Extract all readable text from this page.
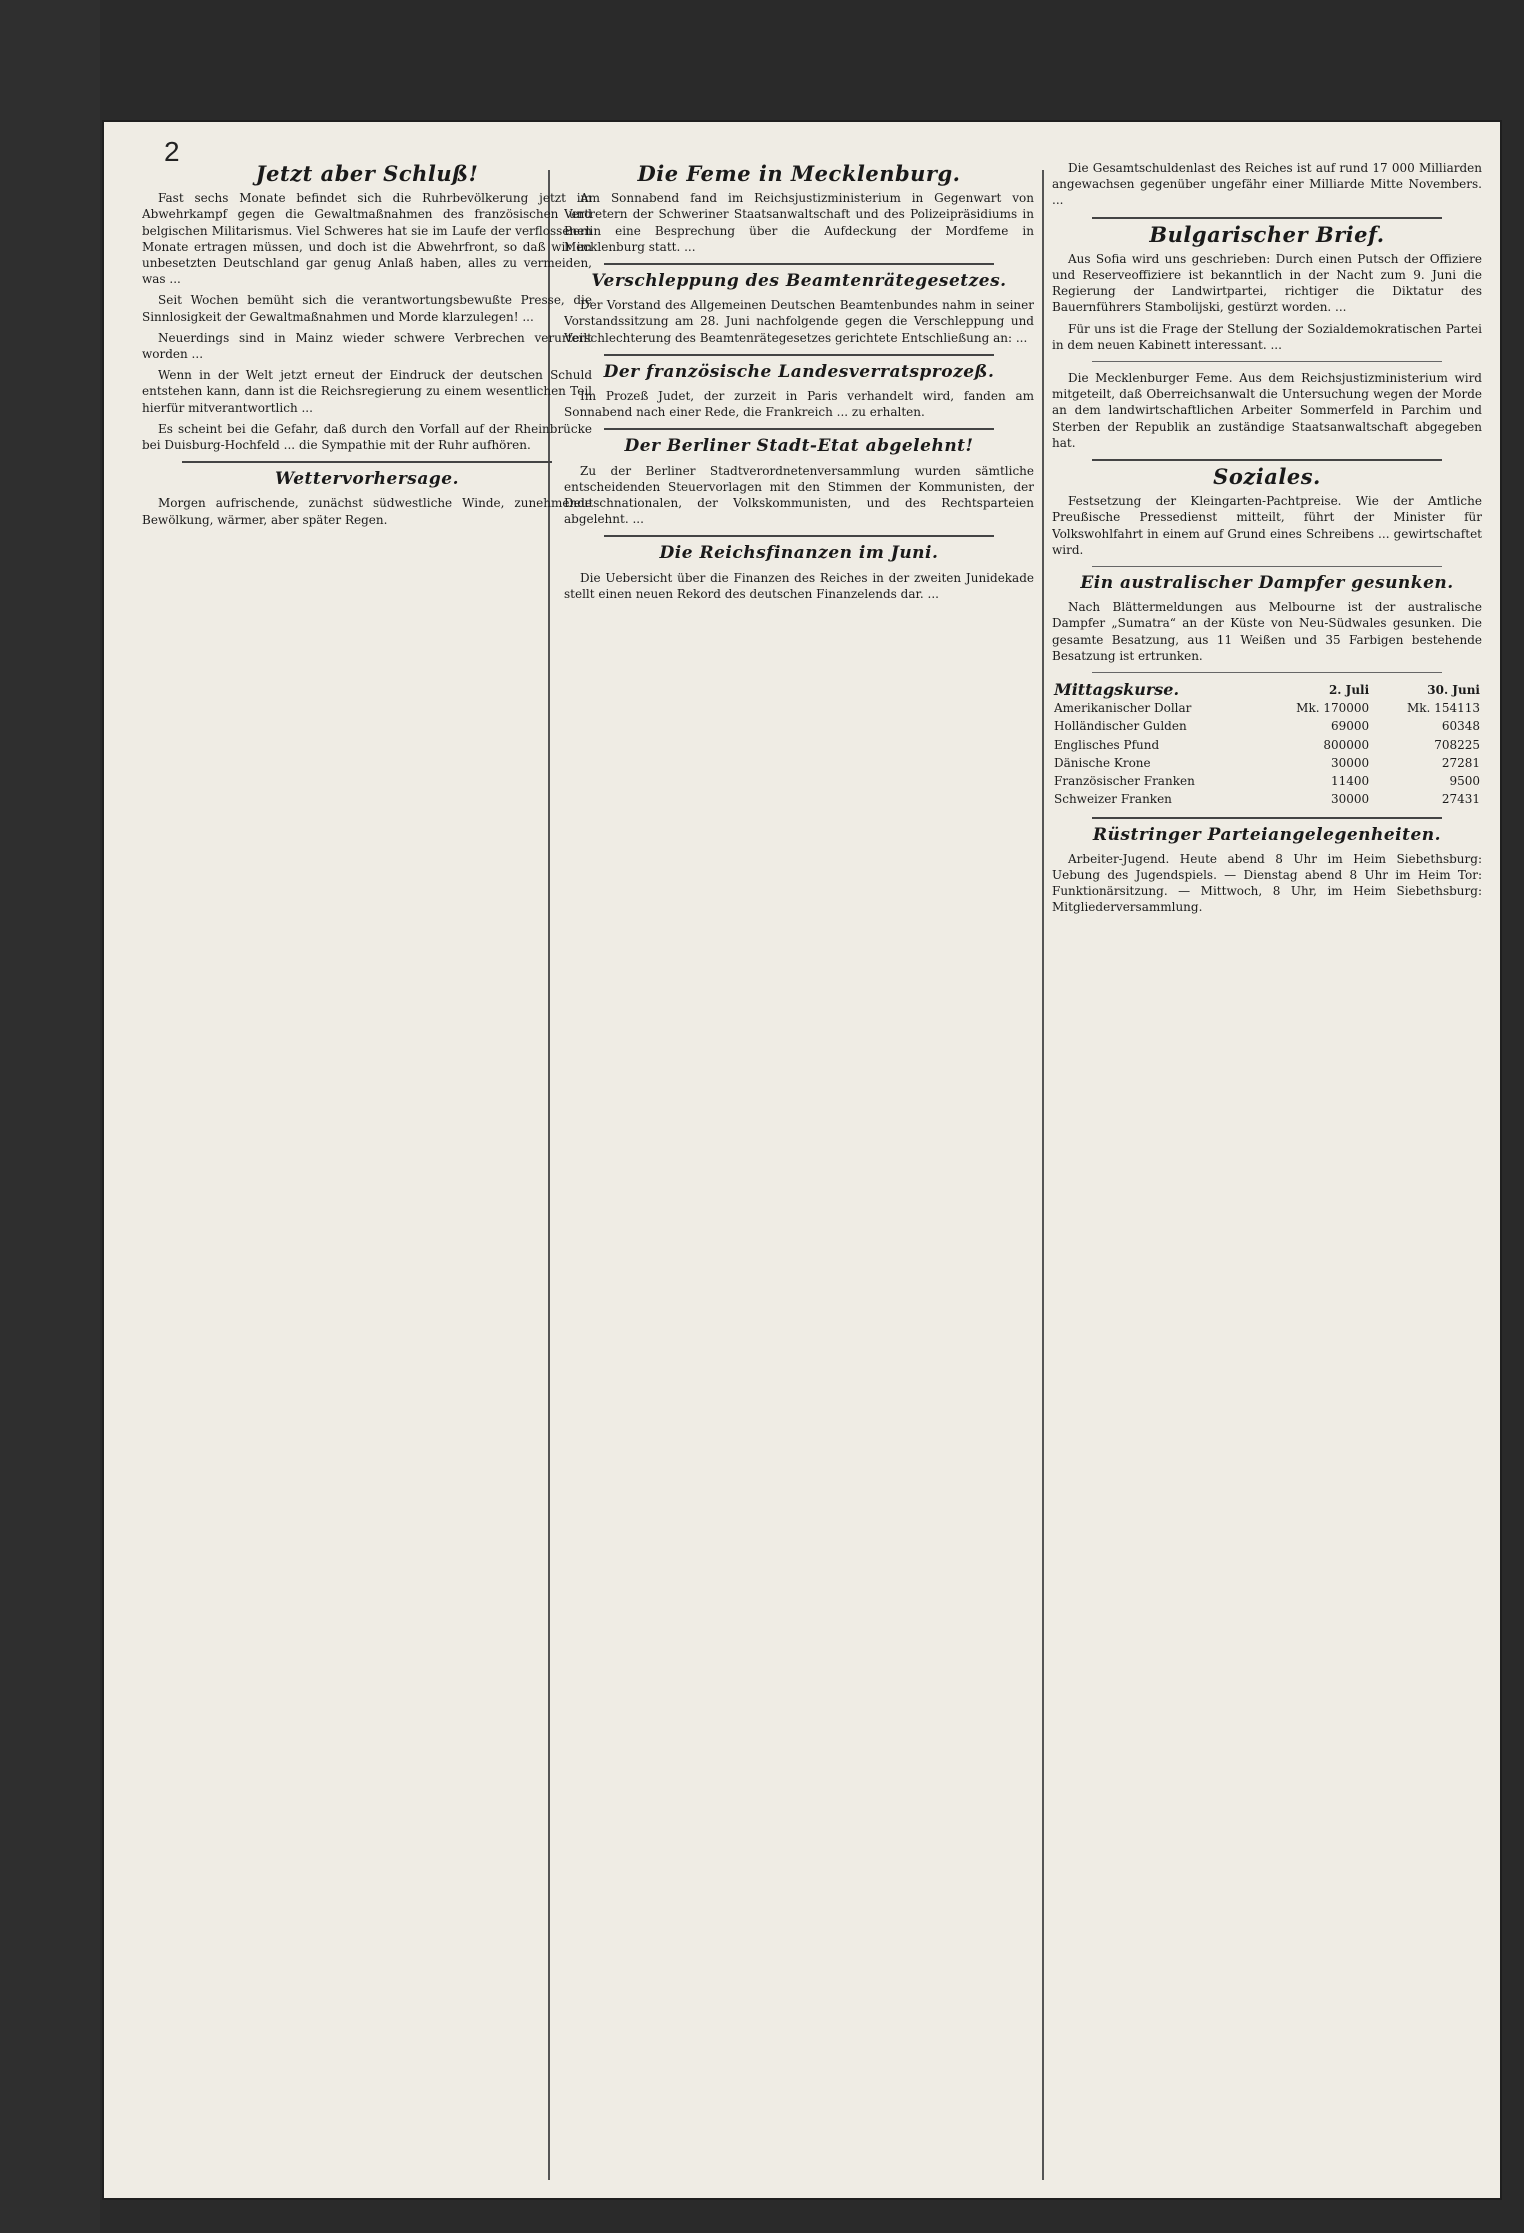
2
Jetzt aber Schluß!

Fast sechs Monate befindet sich die Ruhrbevölkerung jetzt im Abwehrkampf gegen die Gewaltmaßnahmen des französischen und belgischen Militarismus. Viel Schweres hat sie im Laufe der verflossenen Monate ertragen müssen, und doch ist die Abwehrfront, so daß wir im unbesetzten Deutschland gar genug Anlaß haben, alles zu vermeiden, was ...

Seit Wochen bemüht sich die verantwortungsbewußte Presse, die Sinnlosigkeit der Gewaltmaßnahmen und Morde klarzulegen! ...

Neuerdings sind in Mainz wieder schwere Verbrechen verurteilt worden ...

Wenn in der Welt jetzt erneut der Eindruck der deutschen Schuld entstehen kann, dann ist die Reichsregierung zu einem wesentlichen Teil hierfür mitverantwortlich ...

Es scheint bei die Gefahr, daß durch den Vorfall auf der Rheinbrücke bei Duisburg-Hochfeld ... die Sympathie mit der Ruhr aufhören.

Wettervorhersage.

Morgen aufrischende, zunächst südwestliche Winde, zunehmende Bewölkung, wärmer, aber später Regen.

Die Feme in Mecklenburg.

Am Sonnabend fand im Reichsjustizministerium in Gegenwart von Vertretern der Schweriner Staatsanwaltschaft und des Polizeipräsidiums in Berlin eine Besprechung über die Aufdeckung der Mordfeme in Mecklenburg statt. ...

Verschleppung des Beamtenrätegesetzes.

Der Vorstand des Allgemeinen Deutschen Beamtenbundes nahm in seiner Vorstandssitzung am 28. Juni nachfolgende gegen die Verschleppung und Verschlechterung des Beamtenrätegesetzes gerichtete Entschließung an: ...

Der französische Landesverratsprozeß.

Im Prozeß Judet, der zurzeit in Paris verhandelt wird, fanden am Sonnabend nach einer Rede, die Frankreich ... zu erhalten.

Der Berliner Stadt-Etat abgelehnt!

Zu der Berliner Stadtverordnetenversammlung wurden sämtliche entscheidenden Steuervorlagen mit den Stimmen der Kommunisten, der Deutschnationalen, der Volkskommunisten, und des Rechtsparteien abgelehnt. ...

Die Reichsfinanzen im Juni.

Die Uebersicht über die Finanzen des Reiches in der zweiten Junidekade stellt einen neuen Rekord des deutschen Finanzelends dar. ...

Die Gesamtschuldenlast des Reiches ist auf rund 17 000 Milliarden angewachsen gegenüber ungefähr einer Milliarde Mitte Novembers. ...

Bulgarischer Brief.

Aus Sofia wird uns geschrieben: Durch einen Putsch der Offiziere und Reserveoffiziere ist bekanntlich in der Nacht zum 9. Juni die Regierung der Landwirtpartei, richtiger die Diktatur des Bauernführers Stambolijski, gestürzt worden. ...

Für uns ist die Frage der Stellung der Sozialdemokratischen Partei in dem neuen Kabinett interessant. ...

Die Mecklenburger Feme. Aus dem Reichsjustizministerium wird mitgeteilt, daß Oberreichsanwalt die Untersuchung wegen der Morde an dem landwirtschaftlichen Arbeiter Sommerfeld in Parchim und Sterben der Republik an zuständige Staatsanwaltschaft abgegeben hat.

Soziales.

Festsetzung der Kleingarten-Pachtpreise. Wie der Amtliche Preußische Pressedienst mitteilt, führt der Minister für Volkswohlfahrt in einem auf Grund eines Schreibens ... gewirtschaftet wird.

Ein australischer Dampfer gesunken.

Nach Blättermeldungen aus Melbourne ist der australische Dampfer „Sumatra“ an der Küste von Neu-Südwales gesunken. Die gesamte Besatzung, aus 11 Weißen und 35 Farbigen bestehende Besatzung ist ertrunken.

Mittagskurse.	2. Juli	30. Juni
Amerikanischer Dollar	Mk. 170000	Mk. 154113
Holländischer Gulden	69000	60348
Englisches Pfund	800000	708225
Dänische Krone	30000	27281
Französischer Franken	11400	9500
Schweizer Franken	30000	27431
Rüstringer Parteiangelegenheiten.

Arbeiter-Jugend. Heute abend 8 Uhr im Heim Siebethsburg: Uebung des Jugendspiels. — Dienstag abend 8 Uhr im Heim Tor: Funktionärsitzung. — Mittwoch, 8 Uhr, im Heim Siebethsburg: Mitgliederversammlung.
